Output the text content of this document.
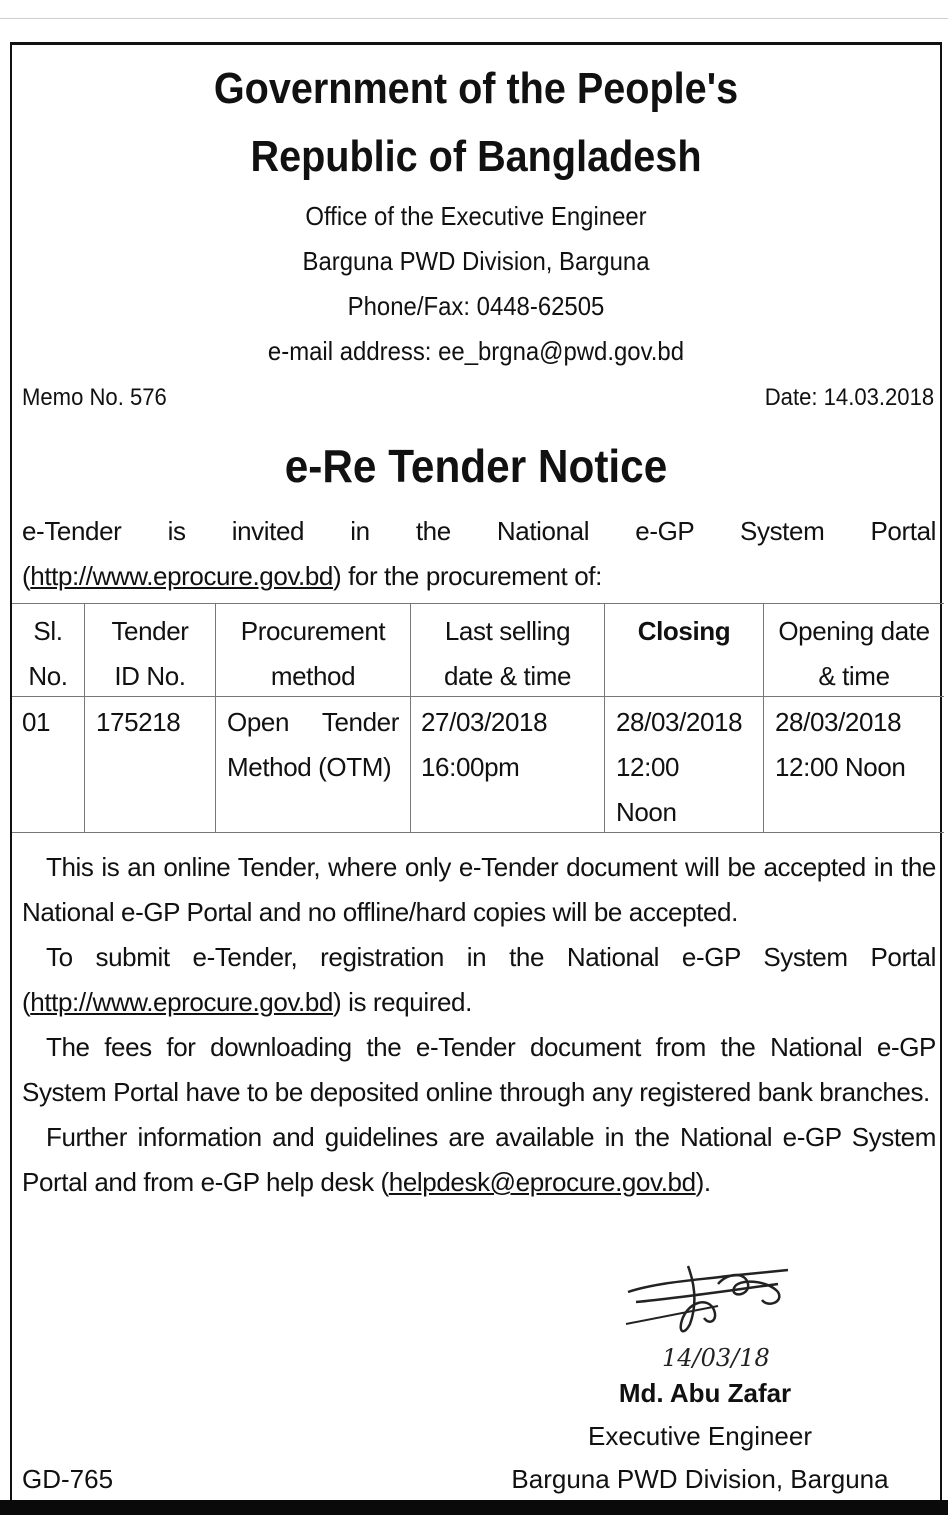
Government of the People's
Republic of Bangladesh
Office of the Executive Engineer
Barguna PWD Division, Barguna
Phone/Fax: 0448-62505
e-mail address: ee_brgna@pwd.gov.bd
Memo No. 576	Date: 14.03.2018
e-Re Tender Notice

e-Tender is invited in the National e-GP System Portal

(http://www.eprocure.gov.bd) for the procurement of:

Sl.
No.
Tender
ID No.
Procurement
method
Last selling
date & time
Closing	Opening date
& time
01 175218 Open Tender
Method (OTM)
27/03/2018
16:00pm
28/03/2018
12:00
Noon
28/03/2018
12:00 Noon

This is an online Tender, where only e-Tender document will be accepted in the National e-GP Portal and no offline/hard copies will be accepted.

To submit e-Tender, registration in the National e-GP System Portal (http://www.eprocure.gov.bd) is required.

The fees for downloading the e-Tender document from the National e-GP System Portal have to be deposited online through any registered bank branches.

Further information and guidelines are available in the National e-GP System Portal and from e-GP help desk (helpdesk@eprocure.gov.bd).

14/03/18
Md. Abu Zafar
Executive Engineer
Barguna PWD Division, Barguna
GD-765
